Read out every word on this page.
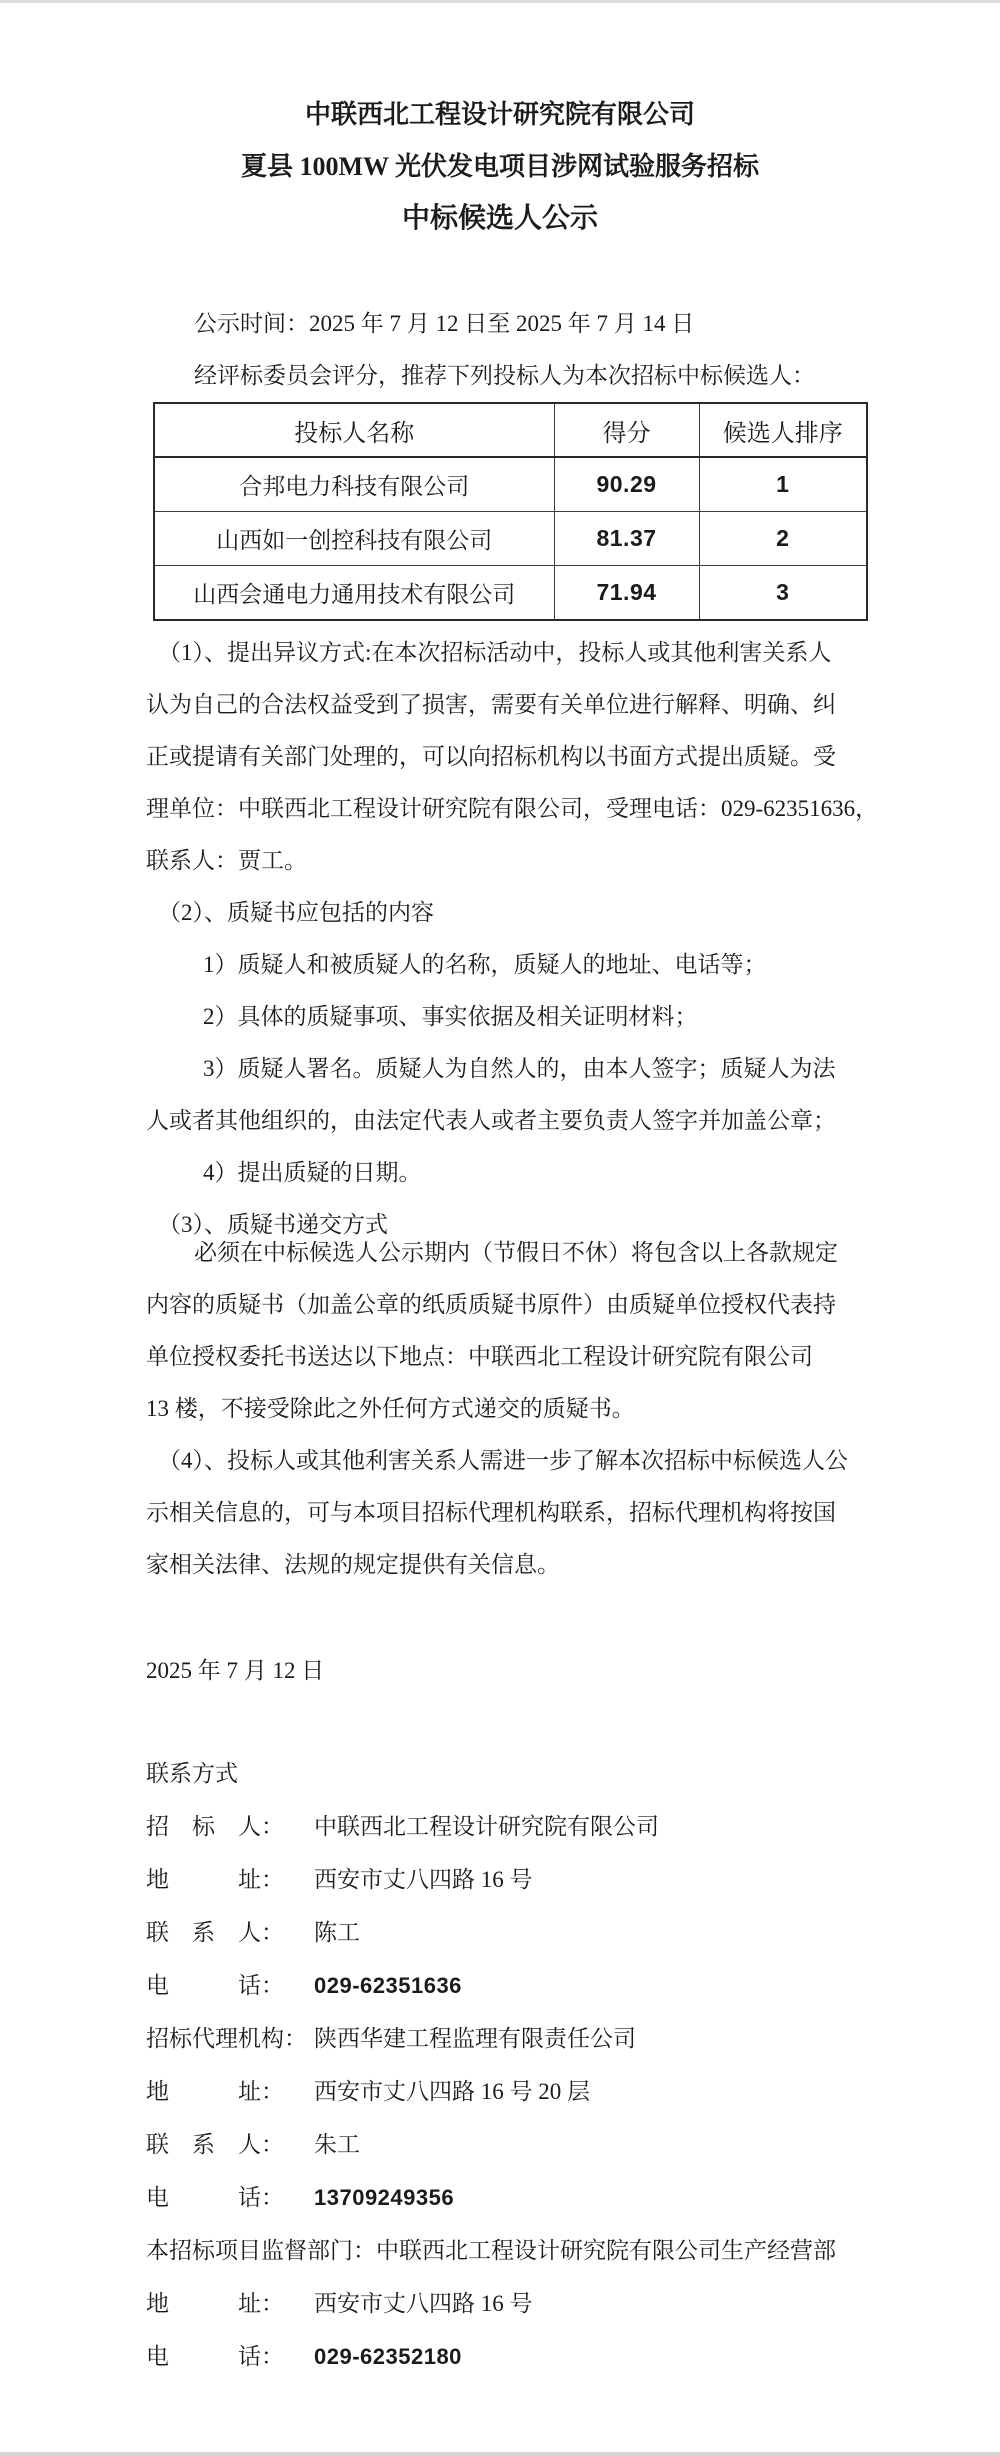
中联西北工程设计研究院有限公司
夏县 100MW 光伏发电项目涉网试验服务招标
中标候选人公示
公示时间：2025 年 7 月 12 日至 2025 年 7 月 14 日
经评标委员会评分，推荐下列投标人为本次招标中标候选人：
投标人名称	得分	候选人排序
合邦电力科技有限公司	90.29	1
山西如一创控科技有限公司	81.37	2
山西会通电力通用技术有限公司	71.94	3
（1）、提出异议方式:在本次招标活动中，投标人或其他利害关系人
认为自己的合法权益受到了损害，需要有关单位进行解释、明确、纠
正或提请有关部门处理的，可以向招标机构以书面方式提出质疑。受
理单位：中联西北工程设计研究院有限公司，受理电话：029-62351636，
联系人：贾工。
（2）、质疑书应包括的内容
1）质疑人和被质疑人的名称，质疑人的地址、电话等；
2）具体的质疑事项、事实依据及相关证明材料；
3）质疑人署名。质疑人为自然人的，由本人签字；质疑人为法
人或者其他组织的，由法定代表人或者主要负责人签字并加盖公章；
4）提出质疑的日期。
（3）、质疑书递交方式
必须在中标候选人公示期内（节假日不休）将包含以上各款规定
内容的质疑书（加盖公章的纸质质疑书原件）由质疑单位授权代表持
单位授权委托书送达以下地点：中联西北工程设计研究院有限公司
13 楼，不接受除此之外任何方式递交的质疑书。
（4）、投标人或其他利害关系人需进一步了解本次招标中标候选人公
示相关信息的，可与本项目招标代理机构联系，招标代理机构将按国
家相关法律、法规的规定提供有关信息。
2025 年 7 月 12 日
联系方式
招　标　人： 中联西北工程设计研究院有限公司
地　　　址： 西安市丈八四路 16 号
联　系　人： 陈工
电　　　话： 029-62351636
招标代理机构： 陕西华建工程监理有限责任公司
地　　　址： 西安市丈八四路 16 号 20 层
联　系　人： 朱工
电　　　话： 13709249356
本招标项目监督部门：中联西北工程设计研究院有限公司生产经营部
地　　　址： 西安市丈八四路 16 号
电　　　话： 029-62352180
